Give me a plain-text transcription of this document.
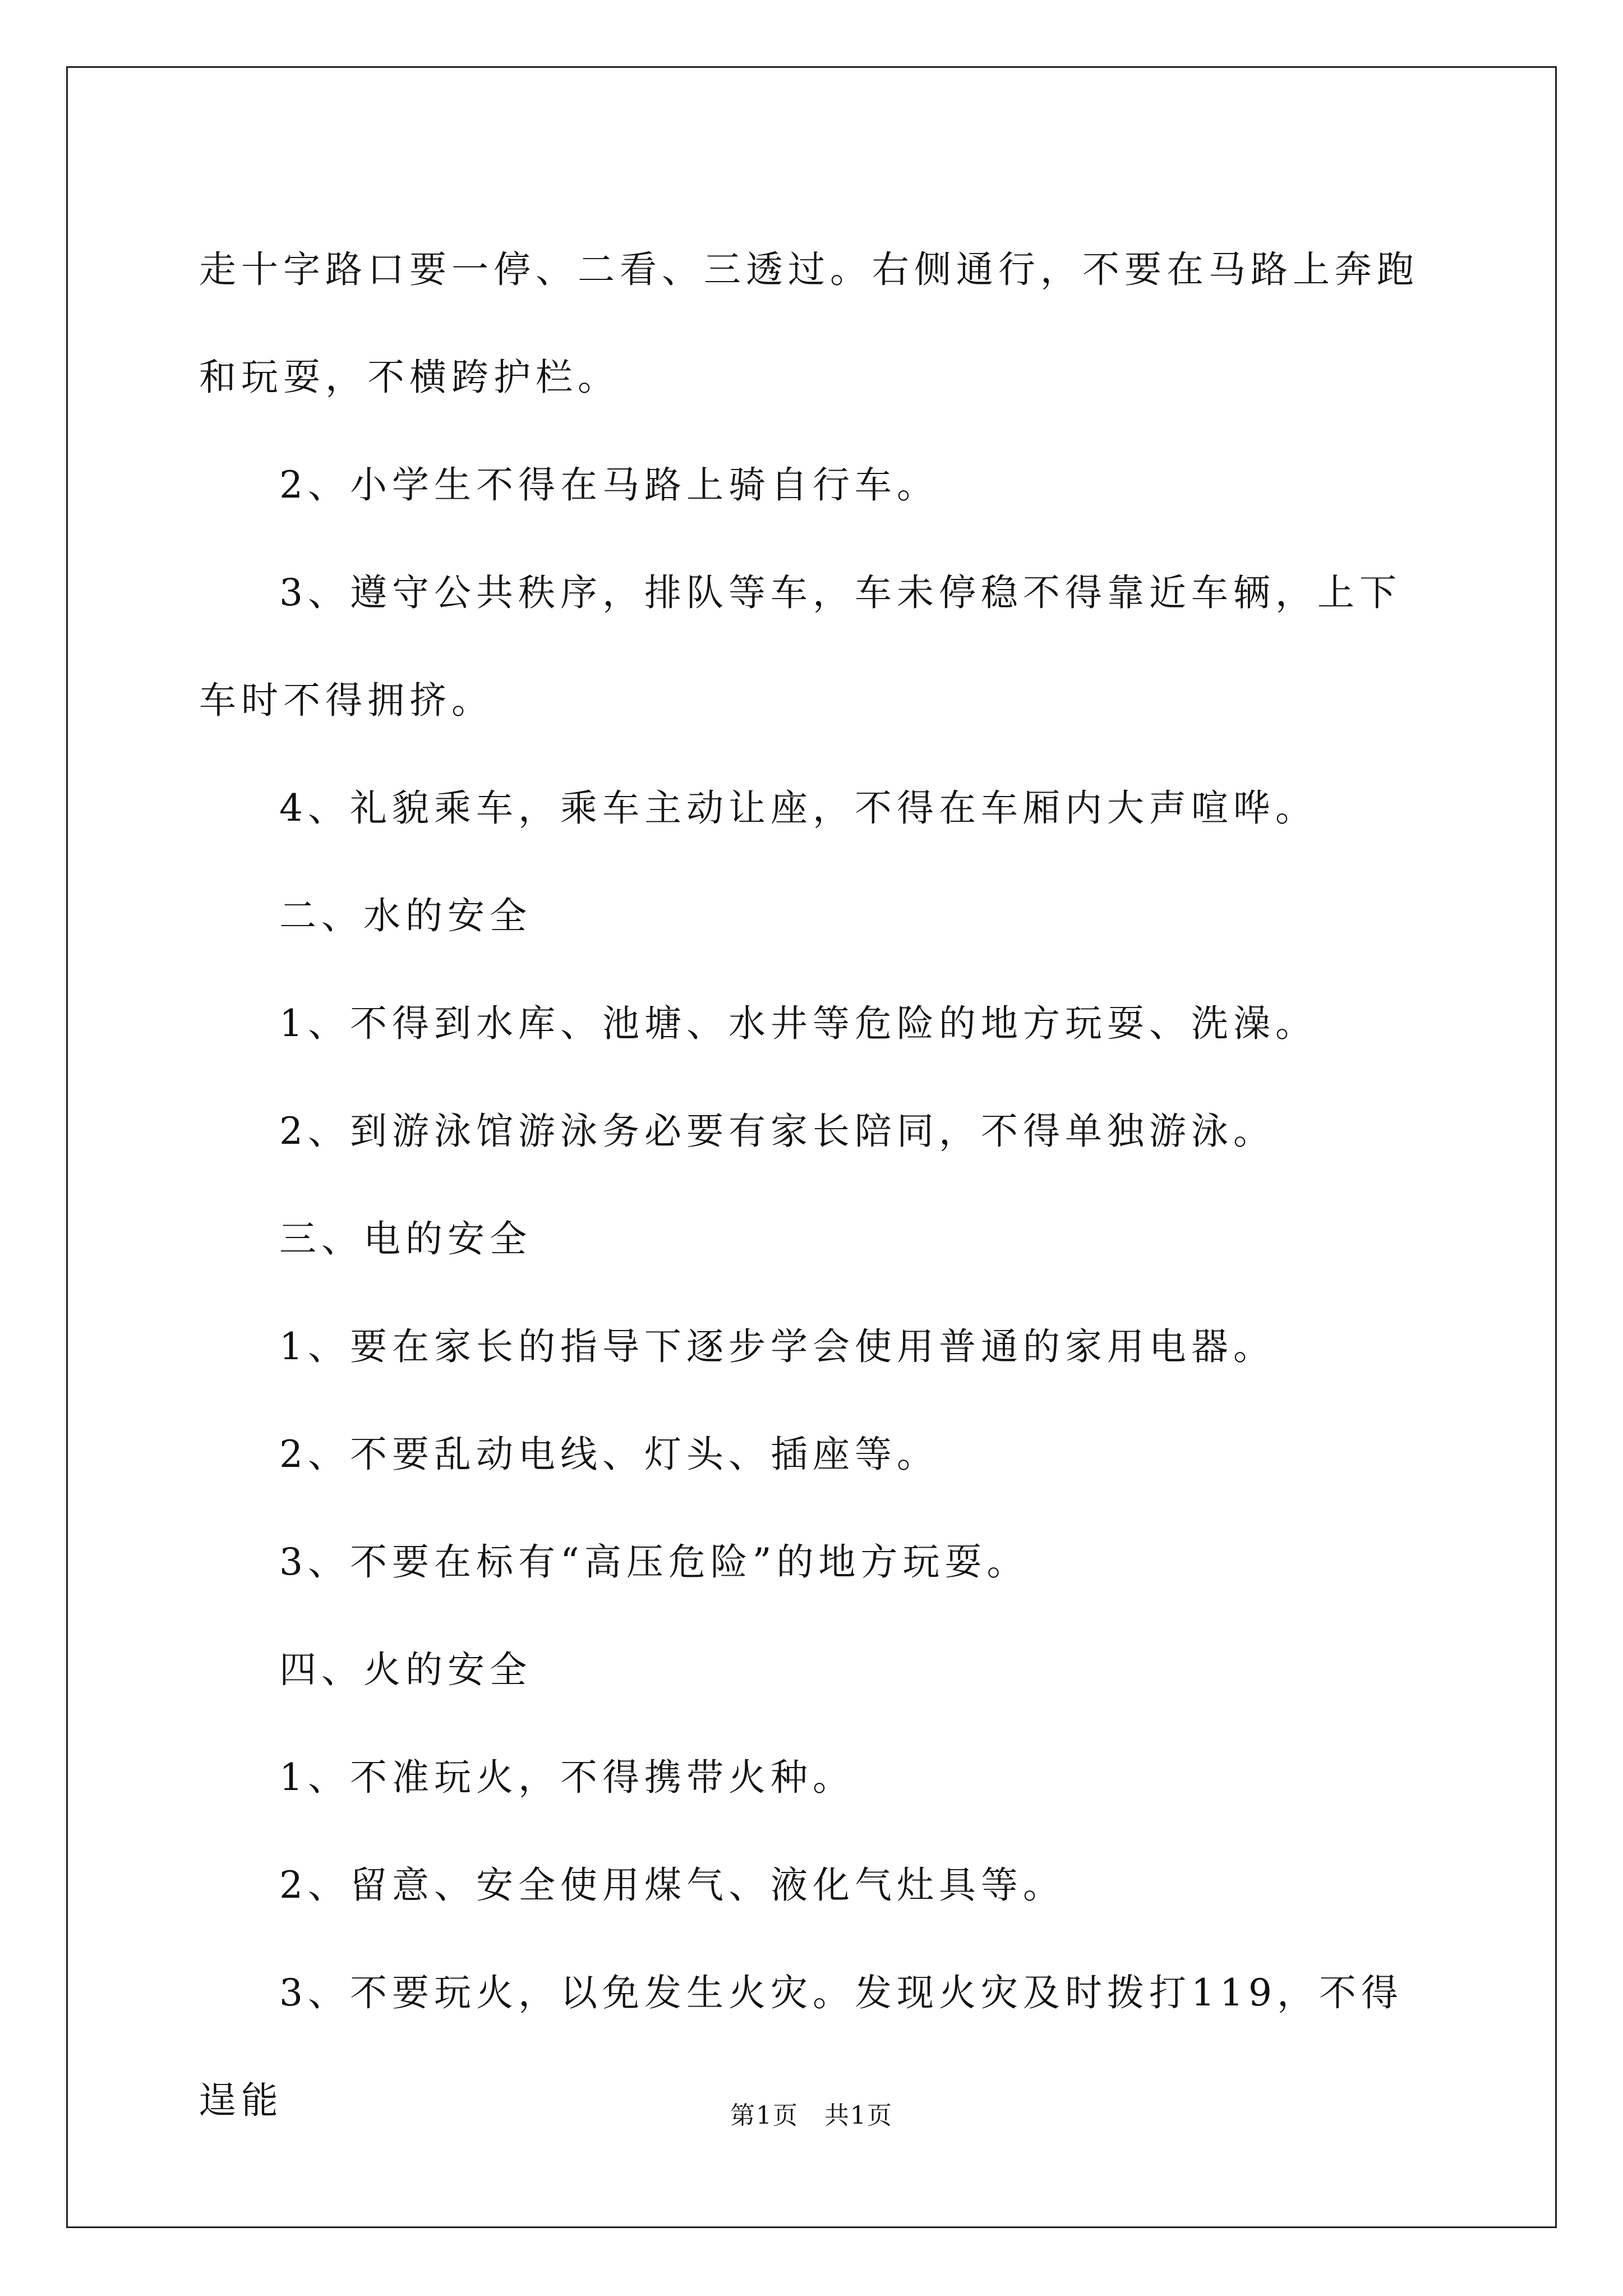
走十字路口要一停、二看、三透过。右侧通行，不要在马路上奔跑和玩耍，不横跨护栏。

2、小学生不得在马路上骑自行车。

3、遵守公共秩序，排队等车，车未停稳不得靠近车辆，上下车时不得拥挤。

4、礼貌乘车，乘车主动让座，不得在车厢内大声喧哗。

二、水的安全

1、不得到水库、池塘、水井等危险的地方玩耍、洗澡。

2、到游泳馆游泳务必要有家长陪同，不得单独游泳。

三、电的安全

1、要在家长的指导下逐步学会使用普通的家用电器。

2、不要乱动电线、灯头、插座等。

3、不要在标有“高压危险”的地方玩耍。

四、火的安全

1、不准玩火，不得携带火种。

2、留意、安全使用煤气、液化气灶具等。

3、不要玩火，以免发生火灾。发现火灾及时拨打119，不得逞能	第1页　共1页
